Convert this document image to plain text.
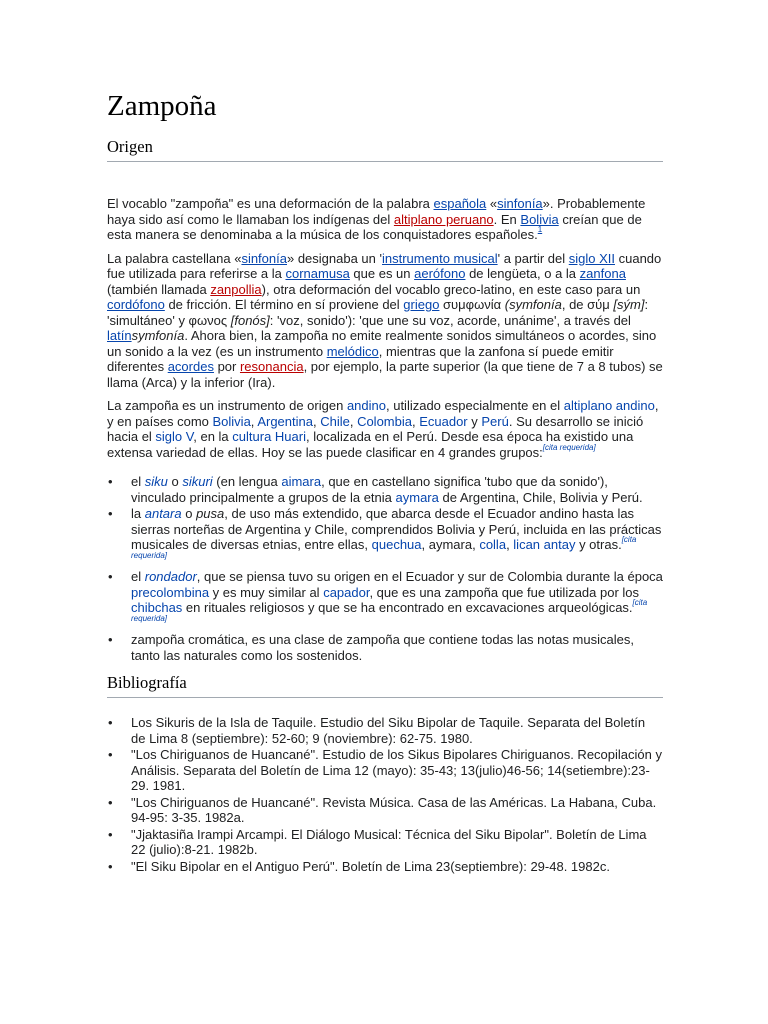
Zampoña
Origen

El vocablo "zampoña" es una deformación de la palabra española «sinfonía». Probablemente haya sido así como le llamaban los indígenas del altiplano peruano. En Bolivia creían que de esta manera se denominaba a la música de los conquistadores españoles.$^1$

La palabra castellana «sinfonía» designaba un 'instrumento musical' a partir del siglo XII cuando fue utilizada para referirse a la cornamusa que es un aerófono de lengüeta, o a la zanfona (también llamada zanpollia), otra deformación del vocablo greco-latino, en este caso para un cordófono de fricción. El término en sí proviene del griego συμφωνία (symfonía, de σύμ [sým]: 'simultáneo' y φωνος [fonós]: 'voz, sonido'): 'que une su voz, acorde, unánime', a través del latínsymfonía. Ahora bien, la zampoña no emite realmente sonidos simultáneos o acordes, sino un sonido a la vez (es un instrumento melódico, mientras que la zanfona sí puede emitir diferentes acordes por resonancia, por ejemplo, la parte superior (la que tiene de 7 a 8 tubos) se llama (Arca) y la inferior (Ira).

La zampoña es un instrumento de origen andino, utilizado especialmente en el altiplano andino, y en países como Bolivia, Argentina, Chile, Colombia, Ecuador y Perú. Su desarrollo se inició hacia el siglo V, en la cultura Huari, localizada en el Perú. Desde esa época ha existido una extensa variedad de ellas. Hoy se las puede clasificar en 4 grandes grupos:[cita requerida]

• el siku o sikuri (en lengua aimara, que en castellano significa 'tubo que da sonido'), vinculado principalmente a grupos de la etnia aymara de Argentina, Chile, Bolivia y Perú.
• la antara o pusa, de uso más extendido, que abarca desde el Ecuador andino hasta las sierras norteñas de Argentina y Chile, comprendidos Bolivia y Perú, incluida en las prácticas musicales de diversas etnias, entre ellas, quechua, aymara, colla, lican antay y otras.[cita requerida]
• el rondador, que se piensa tuvo su origen en el Ecuador y sur de Colombia durante la época precolombina y es muy similar al capador, que es una zampoña que fue utilizada por los chibchas en rituales religiosos y que se ha encontrado en excavaciones arqueológicas.[cita requerida]
• zampoña cromática, es una clase de zampoña que contiene todas las notas musicales, tanto las naturales como los sostenidos.
Bibliografía
• Los Sikuris de la Isla de Taquile. Estudio del Siku Bipolar de Taquile. Separata del Boletín de Lima 8 (septiembre): 52-60; 9 (noviembre): 62-75. 1980.
• "Los Chiriguanos de Huancané". Estudio de los Sikus Bipolares Chiriguanos. Recopilación y Análisis. Separata del Boletín de Lima 12 (mayo): 35-43; 13(julio)46-56; 14(setiembre):23-29. 1981.
• "Los Chiriguanos de Huancané". Revista Música. Casa de las Américas. La Habana, Cuba. 94-95: 3-35. 1982a.
• "Jjaktasiña Irampi Arcampi. El Diálogo Musical: Técnica del Siku Bipolar". Boletín de Lima 22 (julio):8-21. 1982b.
• "El Siku Bipolar en el Antiguo Perú". Boletín de Lima 23(septiembre): 29-48. 1982c.
